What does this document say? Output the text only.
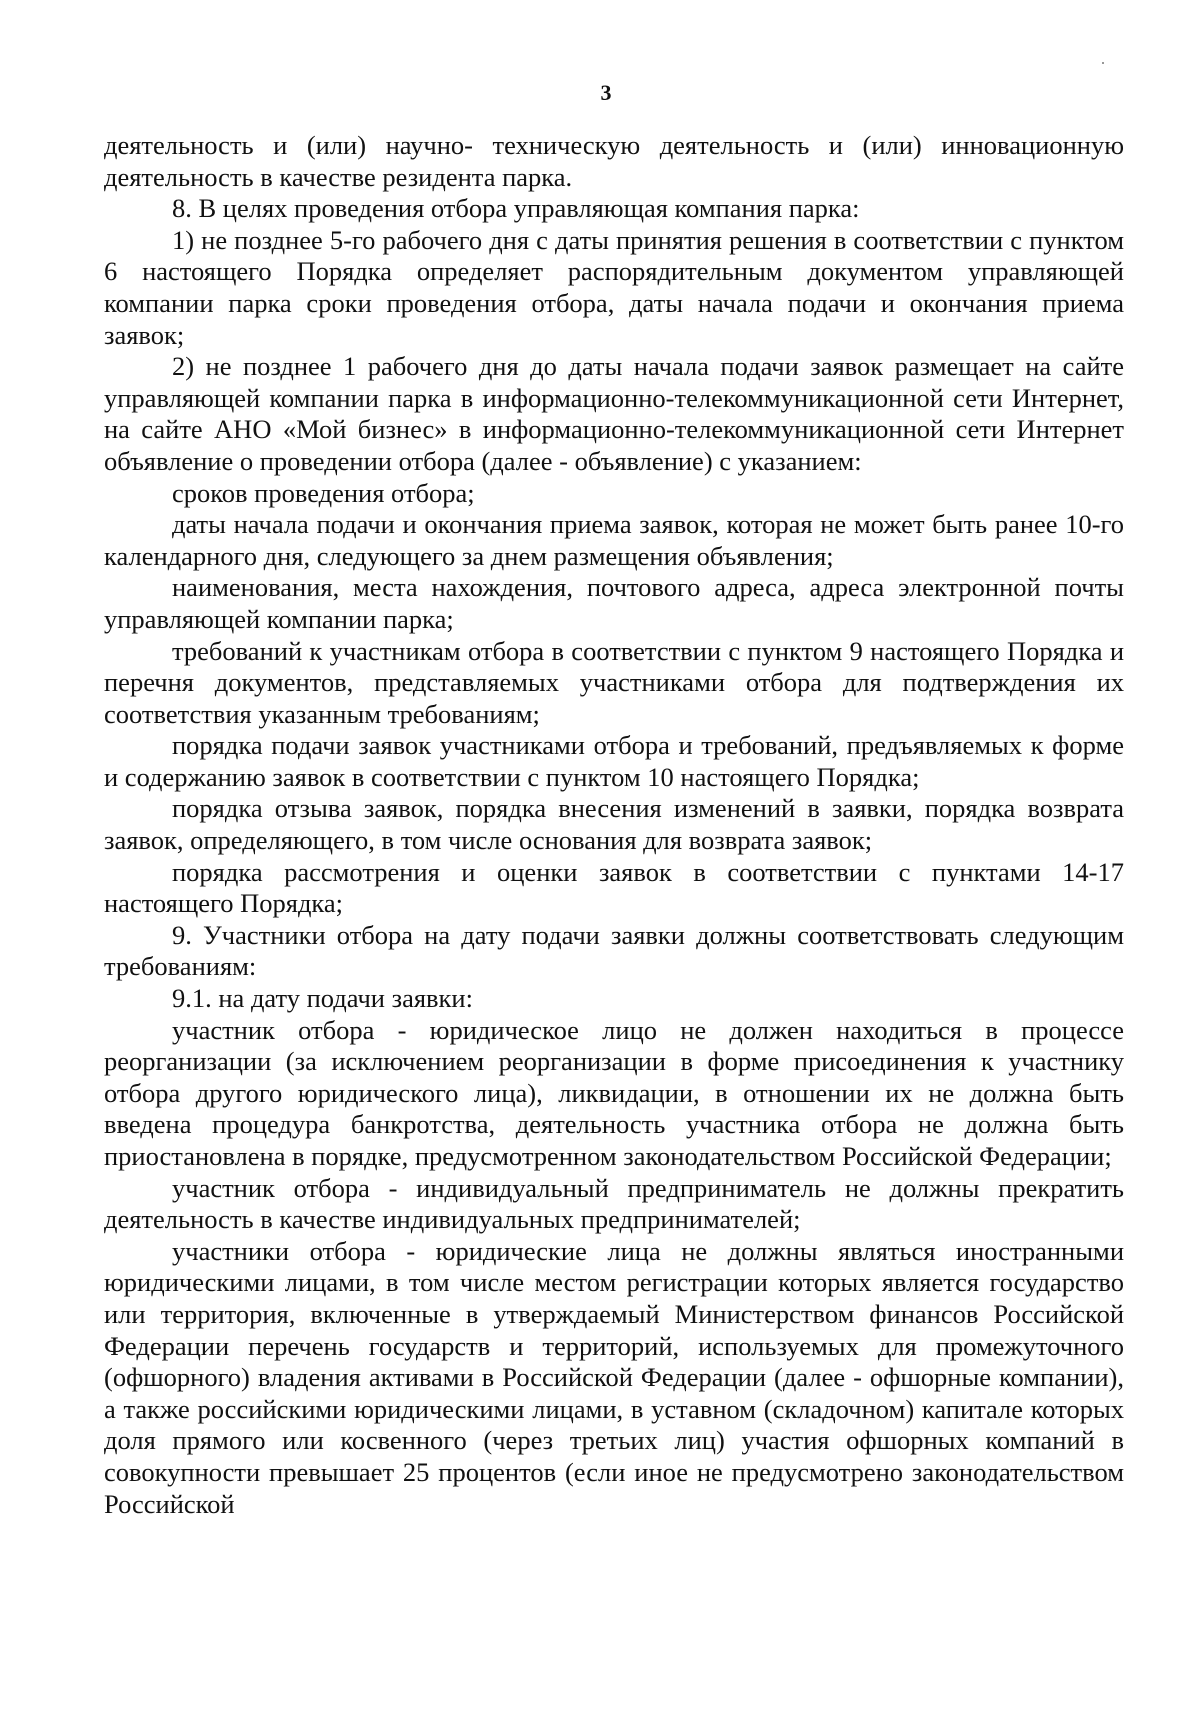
3

деятельность и (или) научно- техническую деятельность и (или) инновационную деятельность в качестве резидента парка.

8. В целях проведения отбора управляющая компания парка:

1) не позднее 5-го рабочего дня с даты принятия решения в соответствии с пунктом 6 настоящего Порядка определяет распорядительным документом управляющей компании парка сроки проведения отбора, даты начала подачи и окончания приема заявок;

2) не позднее 1 рабочего дня до даты начала подачи заявок размещает на сайте управляющей компании парка в информационно-телекоммуникационной сети Интернет, на сайте АНО «Мой бизнес» в информационно-телекоммуникационной сети Интернет объявление о проведении отбора (далее - объявление) с указанием:

сроков проведения отбора;

даты начала подачи и окончания приема заявок, которая не может быть ранее 10-го календарного дня, следующего за днем размещения объявления;

наименования, места нахождения, почтового адреса, адреса электронной почты управляющей компании парка;

требований к участникам отбора в соответствии с пунктом 9 настоящего Порядка и перечня документов, представляемых участниками отбора для подтверждения их соответствия указанным требованиям;

порядка подачи заявок участниками отбора и требований, предъявляемых к форме и содержанию заявок в соответствии с пунктом 10 настоящего Порядка;

порядка отзыва заявок, порядка внесения изменений в заявки, порядка возврата заявок, определяющего, в том числе основания для возврата заявок;

порядка рассмотрения и оценки заявок в соответствии с пунктами 14-17 настоящего Порядка;

9. Участники отбора на дату подачи заявки должны соответствовать следующим требованиям:

9.1. на дату подачи заявки:

участник отбора - юридическое лицо не должен находиться в процессе реорганизации (за исключением реорганизации в форме присоединения к участнику отбора другого юридического лица), ликвидации, в отношении их не должна быть введена процедура банкротства, деятельность участника отбора не должна быть приостановлена в порядке, предусмотренном законодательством Российской Федерации;

участник отбора - индивидуальный предприниматель не должны прекратить деятельность в качестве индивидуальных предпринимателей;

участники отбора - юридические лица не должны являться иностранными юридическими лицами, в том числе местом регистрации которых является государство или территория, включенные в утверждаемый Министерством финансов Российской Федерации перечень государств и территорий, используемых для промежуточного (офшорного) владения активами в Российской Федерации (далее - офшорные компании), а также российскими юридическими лицами, в уставном (складочном) капитале которых доля прямого или косвенного (через третьих лиц) участия офшорных компаний в совокупности превышает 25 процентов (если иное не предусмотрено законодательством Российской
